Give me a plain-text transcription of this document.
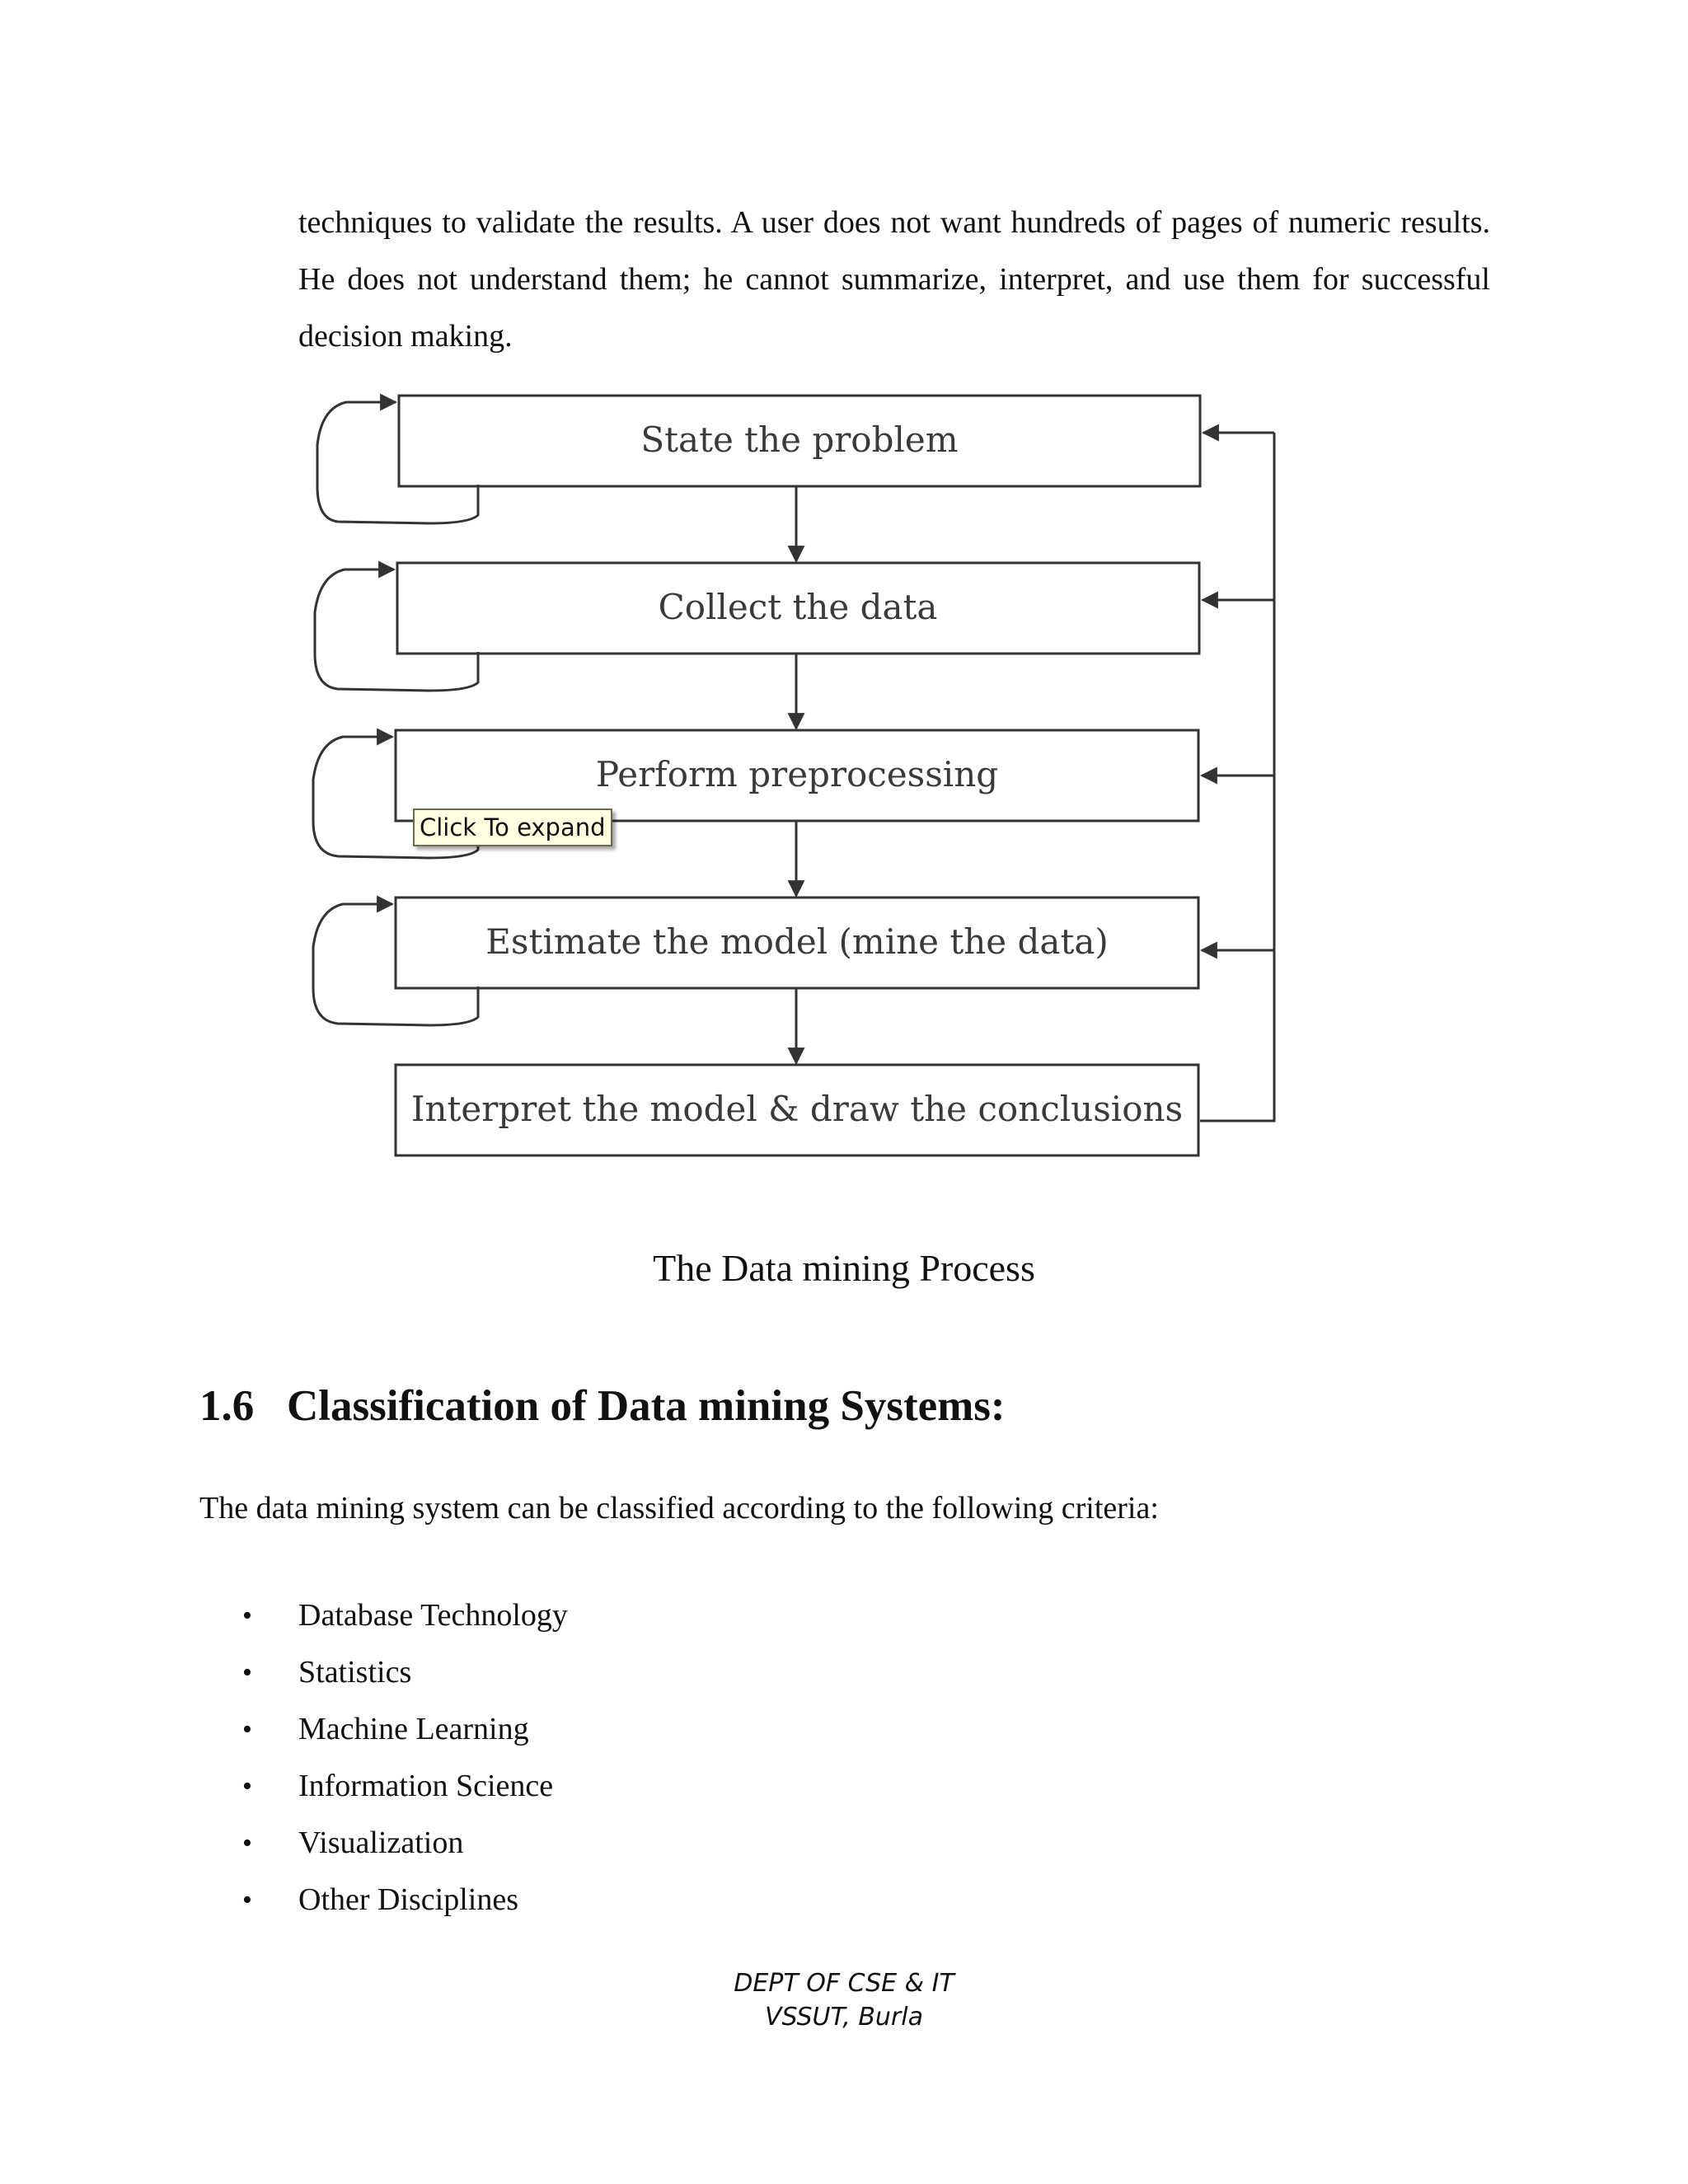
techniques to validate the results. A user does not want hundreds of pages of numeric results. He does not understand them; he cannot summarize, interpret, and use them for successful decision making.

State the problem
Collect the data
Perform preprocessing
Estimate the model (mine the data)
Interpret the model & draw the conclusions
Click To expand

The Data mining Process

1.6 Classification of Data mining Systems:

The data mining system can be classified according to the following criteria:

• Database Technology
• Statistics
• Machine Learning
• Information Science
• Visualization
• Other Disciplines
DEPT OF CSE & IT
VSSUT, Burla
